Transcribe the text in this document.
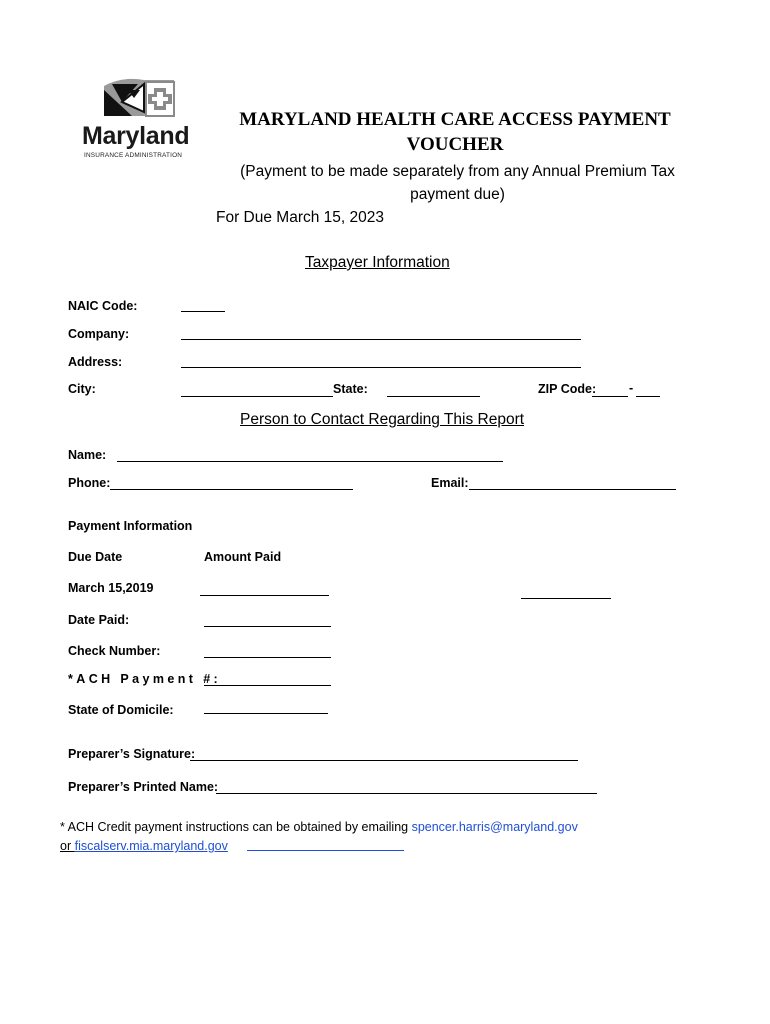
Maryland
INSURANCE ADMINISTRATION
MARYLAND HEALTH CARE ACCESS PAYMENT
VOUCHER
(Payment to be made separately from any Annual Premium Tax
payment due)
For Due March 15, 2023
Taxpayer Information
NAIC Code:
Company:
Address:
City:	State:	ZIP Code:	-
Person to Contact Regarding This Report
Name:
Phone:	Email:
Payment Information
Due Date	Amount Paid
March 15,2019
Date Paid:
Check Number:
*ACH Payment #:
State of Domicile:
Preparer’s Signature:
Preparer’s Printed Name:
* ACH Credit payment instructions can be obtained by emailing spencer.harris@maryland.gov
or fiscalserv.mia.maryland.gov
